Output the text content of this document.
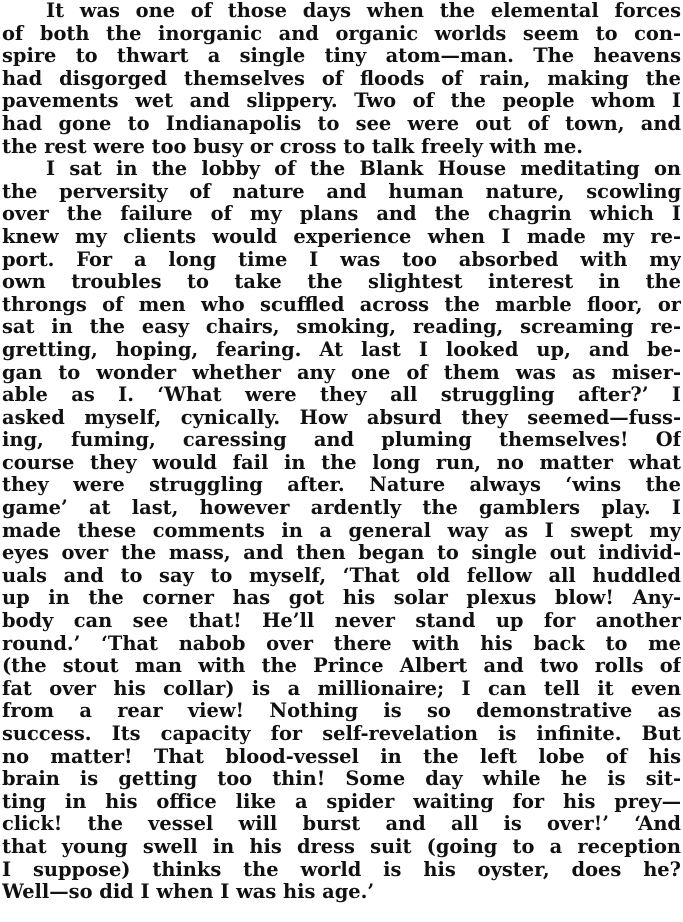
It was one of those days when the elemental forces
of both the inorganic and organic worlds seem to con-
spire to thwart a single tiny atom—man. The heavens
had disgorged themselves of floods of rain, making the
pavements wet and slippery. Two of the people whom I
had gone to Indianapolis to see were out of town, and
the rest were too busy or cross to talk freely with me.
I sat in the lobby of the Blank House meditating on
the perversity of nature and human nature, scowling
over the failure of my plans and the chagrin which I
knew my clients would experience when I made my re-
port. For a long time I was too absorbed with my
own troubles to take the slightest interest in the
throngs of men who scuffled across the marble floor, or
sat in the easy chairs, smoking, reading, screaming re-
gretting, hoping, fearing. At last I looked up, and be-
gan to wonder whether any one of them was as miser-
able as I. ‘What were they all struggling after?’ I
asked myself, cynically. How absurd they seemed—fuss-
ing, fuming, caressing and pluming themselves! Of
course they would fail in the long run, no matter what
they were struggling after. Nature always ‘wins the
game’ at last, however ardently the gamblers play. I
made these comments in a general way as I swept my
eyes over the mass, and then began to single out individ-
uals and to say to myself, ‘That old fellow all huddled
up in the corner has got his solar plexus blow! Any-
body can see that! He’ll never stand up for another
round.’ ‘That nabob over there with his back to me
(the stout man with the Prince Albert and two rolls of
fat over his collar) is a millionaire; I can tell it even
from a rear view! Nothing is so demonstrative as
success. Its capacity for self-revelation is infinite. But
no matter! That blood-vessel in the left lobe of his
brain is getting too thin! Some day while he is sit-
ting in his office like a spider waiting for his prey—
click! the vessel will burst and all is over!’ ‘And
that young swell in his dress suit (going to a reception
I suppose) thinks the world is his oyster, does he?
Well—so did I when I was his age.’
